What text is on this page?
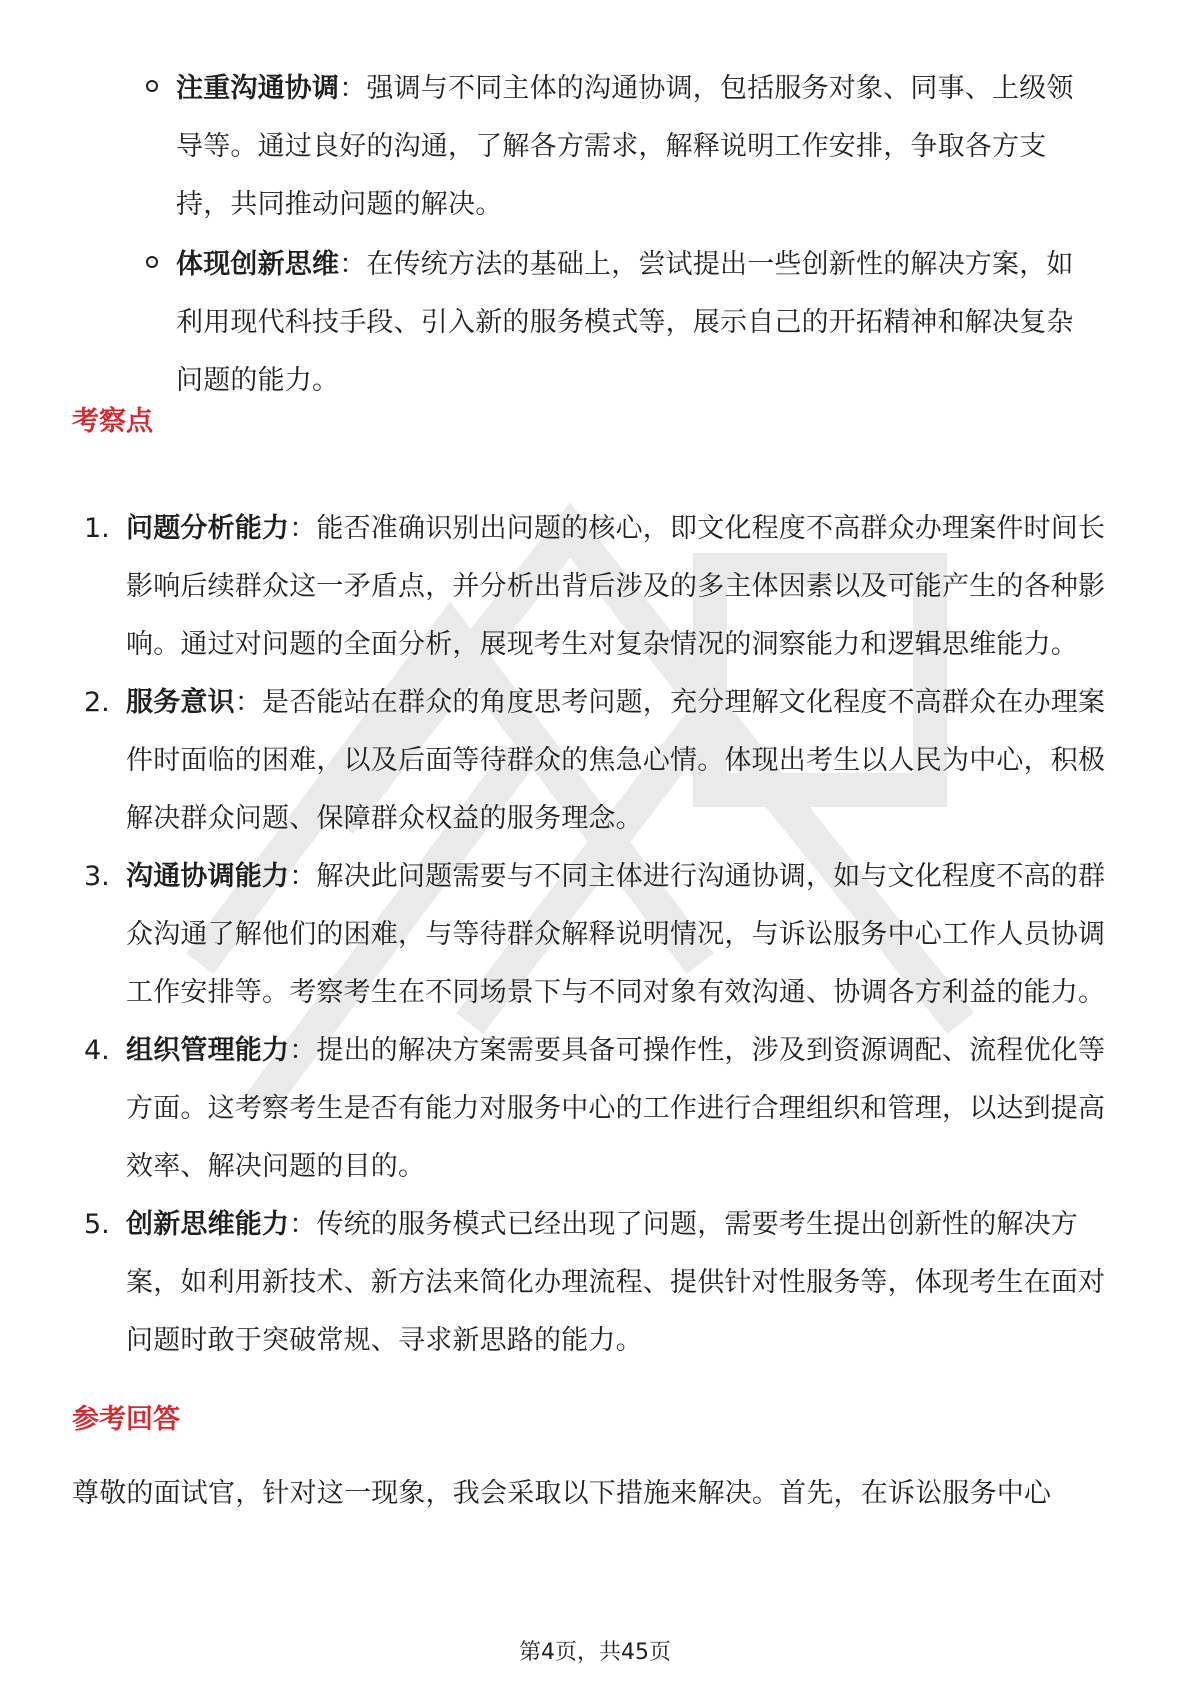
注重沟通协调：强调与不同主体的沟通协调，包括服务对象、同事、上级领导等。通过良好的沟通，了解各方需求，解释说明工作安排，争取各方支持，共同推动问题的解决。
体现创新思维：在传统方法的基础上，尝试提出一些创新性的解决方案，如利用现代科技手段、引入新的服务模式等，展示自己的开拓精神和解决复杂问题的能力。
考察点
1. 问题分析能力：能否准确识别出问题的核心，即文化程度不高群众办理案件时间长影响后续群众这一矛盾点，并分析出背后涉及的多主体因素以及可能产生的各种影响。通过对问题的全面分析，展现考生对复杂情况的洞察能力和逻辑思维能力。
2. 服务意识：是否能站在群众的角度思考问题，充分理解文化程度不高群众在办理案件时面临的困难，以及后面等待群众的焦急心情。体现出考生以人民为中心，积极解决群众问题、保障群众权益的服务理念。
3. 沟通协调能力：解决此问题需要与不同主体进行沟通协调，如与文化程度不高的群众沟通了解他们的困难，与等待群众解释说明情况，与诉讼服务中心工作人员协调工作安排等。考察考生在不同场景下与不同对象有效沟通、协调各方利益的能力。
4. 组织管理能力：提出的解决方案需要具备可操作性，涉及到资源调配、流程优化等方面。这考察考生是否有能力对服务中心的工作进行合理组织和管理，以达到提高效率、解决问题的目的。
5. 创新思维能力：传统的服务模式已经出现了问题，需要考生提出创新性的解决方案，如利用新技术、新方法来简化办理流程、提供针对性服务等，体现考生在面对问题时敢于突破常规、寻求新思路的能力。
参考回答
尊敬的面试官，针对这一现象，我会采取以下措施来解决。首先，在诉讼服务中心
第4页，共45页
